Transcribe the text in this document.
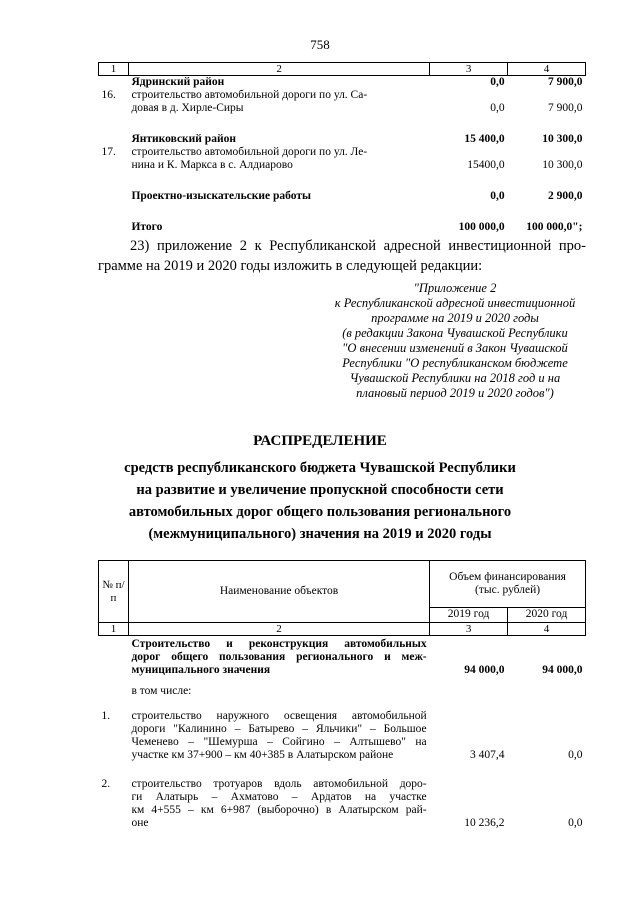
758
1	2	3	4
	Ядринский район	0,0	7 900,0
16.	строительство автомобильной дороги по ул. Са-
довая в д. Хирле-Сиры	0,0	7 900,0

	Янтиковский район	15 400,0	10 300,0
17.	строительство автомобильной дороги по ул. Ле-
нина и К. Маркса в с. Алдиарово	15400,0	10 300,0

	Проектно-изыскательские работы	0,0	2 900,0

	Итого	100 000,0	100 000,0";
23) приложение 2 к Республиканской адресной инвестиционной про-
грамме на 2019 и 2020 годы изложить в следующей редакции:
"Приложение 2
к Республиканской адресной инвестиционной
программе на 2019 и 2020 годы
(в редакции Закона Чувашской Республики
"О внесении изменений в Закон Чувашской
Республики "О республиканском бюджете
Чувашской Республики на 2018 год и на
плановый период 2019 и 2020 годов")
РАСПРЕДЕЛЕНИЕ
средств республиканского бюджета Чувашской Республики
на развитие и увеличение пропускной способности сети
автомобильных дорог общего пользования регионального
(межмуниципального) значения на 2019 и 2020 годы
№ п/п	Наименование объектов	Объем финансирования (тыс. рублей)	
		2019 год	2020 год
1	2	3	4

	Строительство и реконструкция автомобильных
дорог общего пользования регионального и меж-
муниципального значения	94 000,0	94 000,0

	в том числе:		

1.	строительство наружного освещения автомобильной
дороги "Калинино – Батырево – Яльчики" – Большое
Чеменево – "Шемурша – Сойгино – Алтышево" на
участке км 37+900 – км 40+385 в Алатырском районе	3 407,4	0,0

2.	строительство тротуаров вдоль автомобильной доро-
ги Алатырь – Ахматово – Ардатов на участке
км 4+555 – км 6+987 (выборочно) в Алатырском рай-
оне	10 236,2	0,0
